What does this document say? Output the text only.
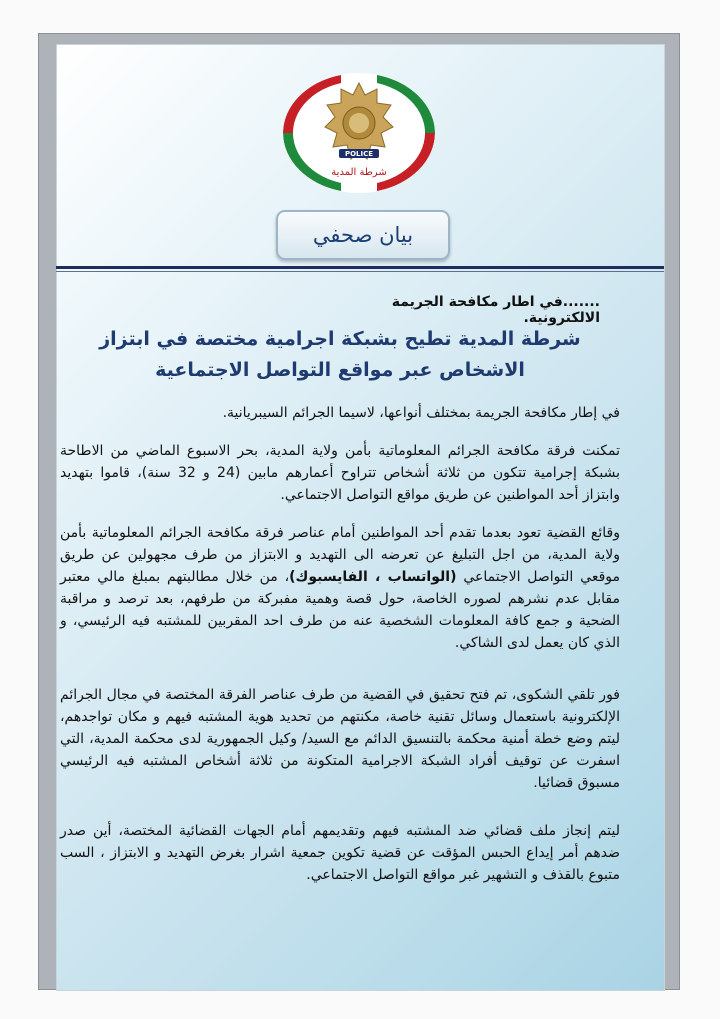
POLICE
شرطة المدية
بيان صحفي
.......في اطار مكافحة الجريمة الالكترونية.
شرطة المدية تطيح بشبكة اجرامية مختصة في ابتزاز الاشخاص عبر مواقع التواصل الاجتماعية
في إطار مكافحة الجريمة بمختلف أنواعها، لاسيما الجرائم السيبريانية.
تمكنت فرقة مكافحة الجرائم المعلوماتية بأمن ولاية المدية، بحر الاسبوع الماضي من الاطاحة بشبكة إجرامية تتكون من ثلاثة أشخاص تتراوح أعمارهم مابين (24 و 32 سنة)، قاموا بتهديد وابتزاز أحد المواطنين عن طريق مواقع التواصل الاجتماعي.
وقائع القضية تعود بعدما تقدم أحد المواطنين أمام عناصر فرقة مكافحة الجرائم المعلوماتية بأمن ولاية المدية، من اجل التبليغ عن تعرضه الى التهديد و الابتزاز من طرف مجهولين عن طريق موقعي التواصل الاجتماعي (الواتساب ، الفايسبوك)، من خلال مطالبتهم بمبلغ مالي معتبر مقابل عدم نشرهم لصوره الخاصة، حول قصة وهمية مفبركة من طرفهم، بعد ترصد و مراقبة الضحية و جمع كافة المعلومات الشخصية عنه من طرف احد المقربين للمشتبه فيه الرئيسي، و الذي كان يعمل لدى الشاكي.
فور تلقي الشكوى، تم فتح تحقيق في القضية من طرف عناصر الفرقة المختصة في مجال الجرائم الإلكترونية باستعمال وسائل تقنية خاصة، مكنتهم من تحديد هوية المشتبه فيهم و مكان تواجدهم، ليتم وضع خطة أمنية محكمة بالتنسيق الدائم مع السيد/ وكيل الجمهورية لدى محكمة المدية، التي اسفرت عن توقيف أفراد الشبكة الاجرامية المتكونة من ثلاثة أشخاص المشتبه فيه الرئيسي مسبوق قضائيا.
ليتم إنجاز ملف قضائي ضد المشتبه فيهم وتقديمهم أمام الجهات القضائية المختصة، أين صدر ضدهم أمر إيداع الحبس المؤقت عن قضية تكوين جمعية اشرار بغرض التهديد و الابتزاز ، السب متبوع بالقذف و التشهير غبر مواقع التواصل الاجتماعي.
